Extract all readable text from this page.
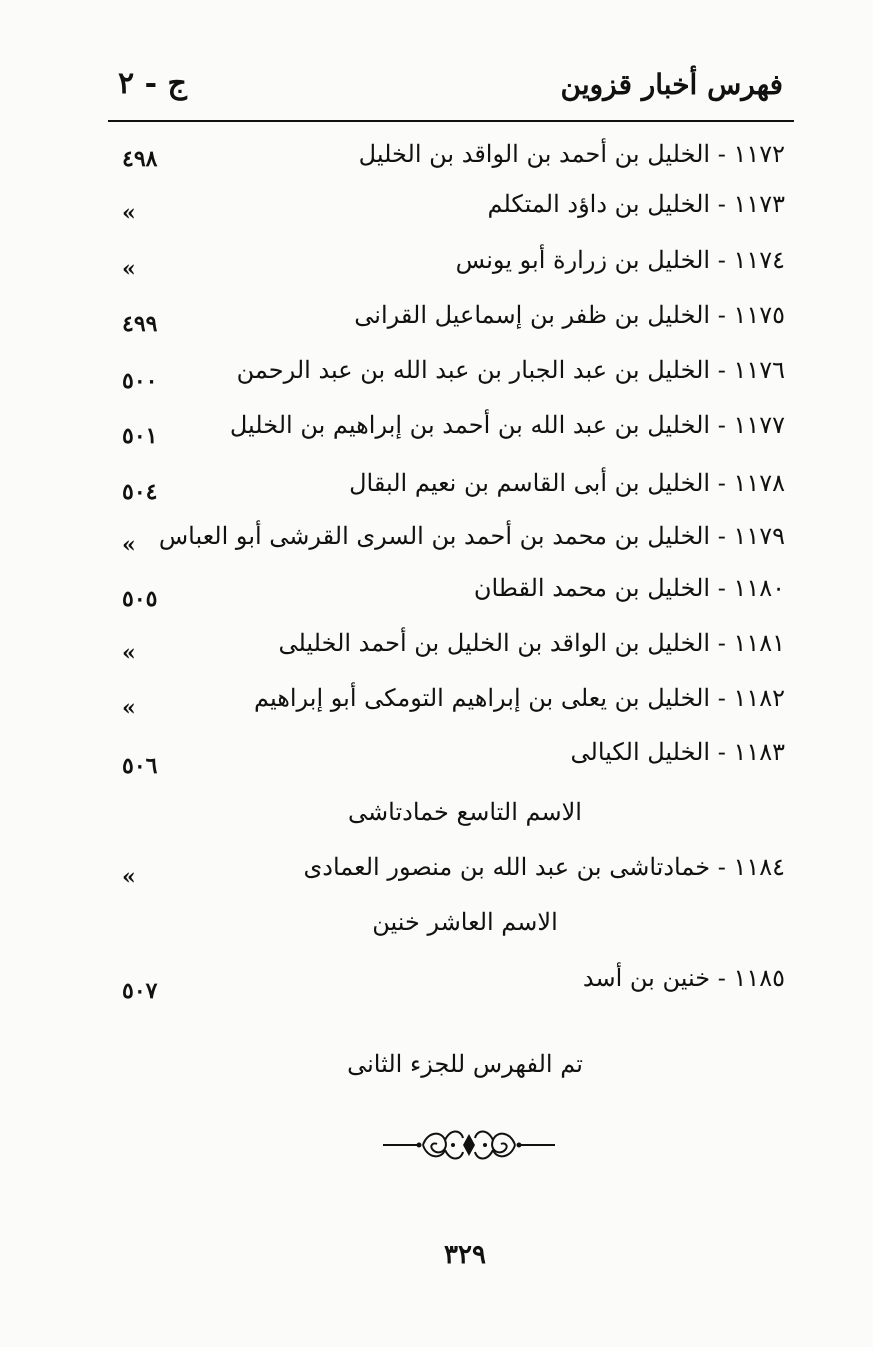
فهرس أخبار قزوين
ج - ٢
١١٧٢ - الخليل بن أحمد بن الواقد بن الخليل
٤٩٨
١١٧٣ - الخليل بن داؤد المتكلم
»
١١٧٤ - الخليل بن زرارة أبو يونس
»
١١٧٥ - الخليل بن ظفر بن إسماعيل القرانى
٤٩٩
١١٧٦ - الخليل بن عبد الجبار بن عبد الله بن عبد الرحمن
٥٠٠
١١٧٧ - الخليل بن عبد الله بن أحمد بن إبراهيم بن الخليل
٥٠١
١١٧٨ - الخليل بن أبى القاسم بن نعيم البقال
٥٠٤
١١٧٩ - الخليل بن محمد بن أحمد بن السرى القرشى أبو العباس
»
١١٨٠ - الخليل بن محمد القطان
٥٠٥
١١٨١ - الخليل بن الواقد بن الخليل بن أحمد الخليلى
»
١١٨٢ - الخليل بن يعلى بن إبراهيم التومكى أبو إبراهيم
»
١١٨٣ - الخليل الكيالى
٥٠٦
الاسم التاسع خمادتاشى
١١٨٤ - خمادتاشى بن عبد الله بن منصور العمادى
»
الاسم العاشر خنين
١١٨٥ - خنين بن أسد
٥٠٧
تم الفهرس للجزء الثانى
٣٢٩
